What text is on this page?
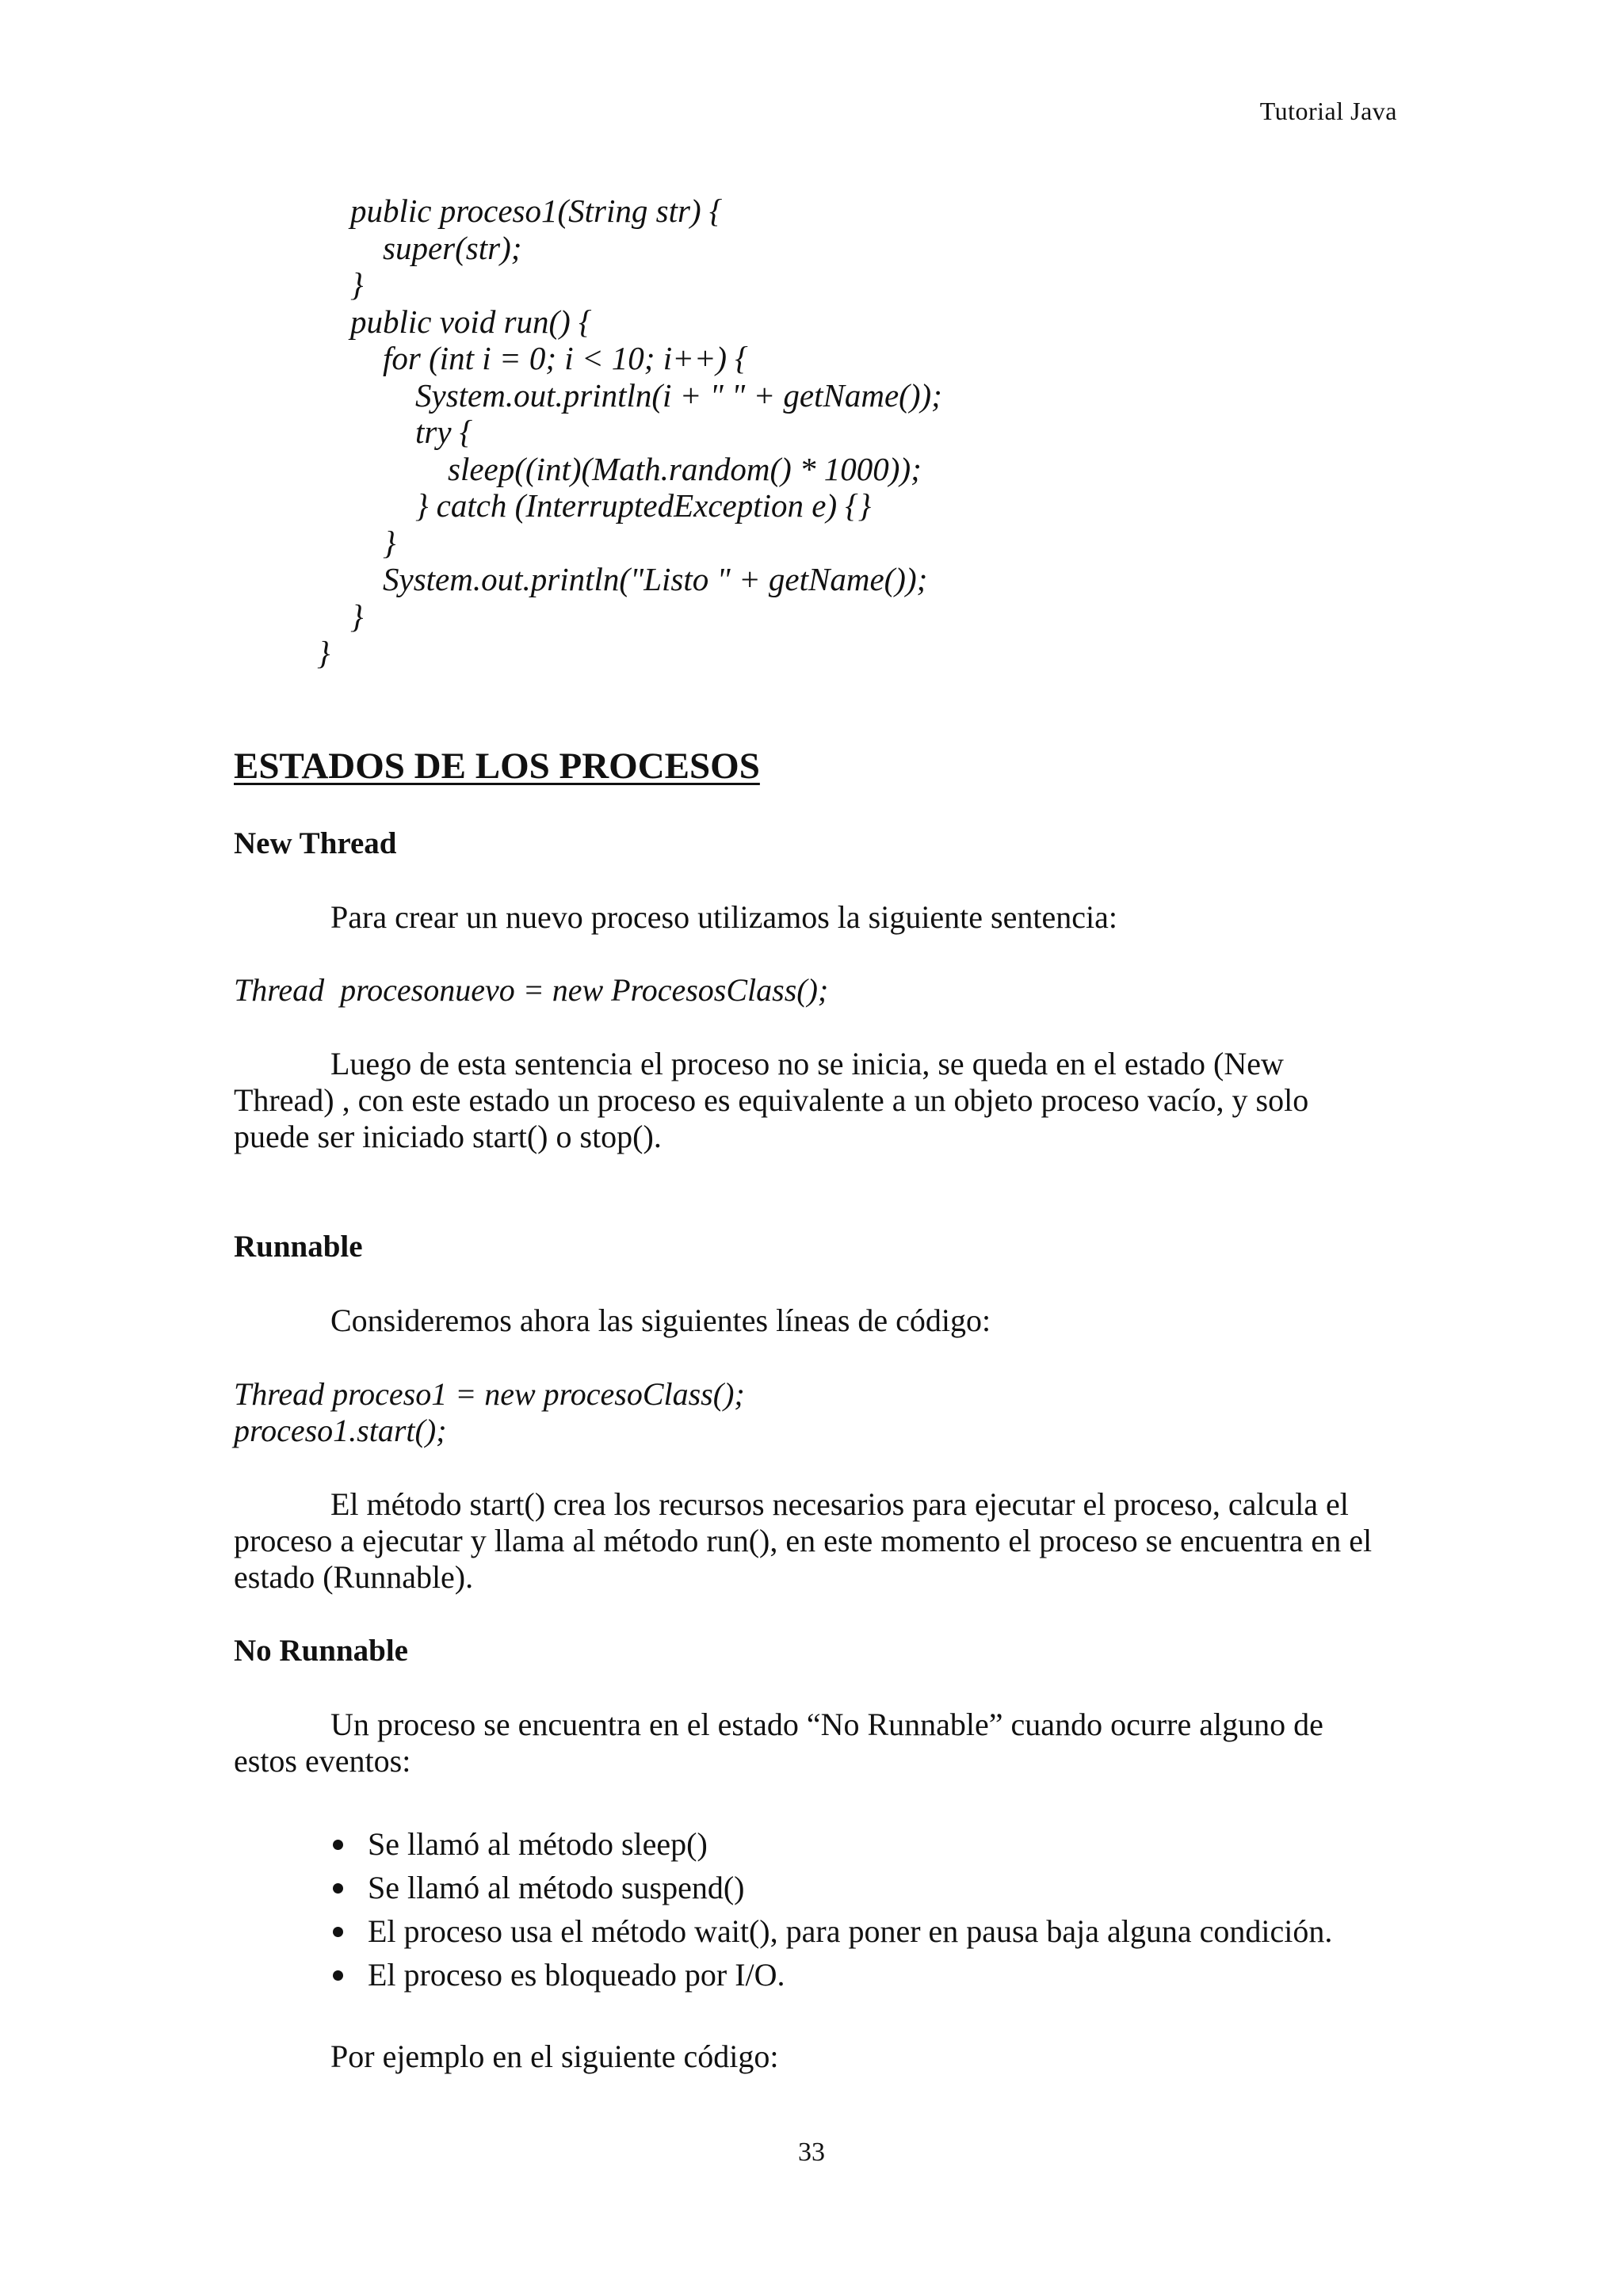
Tutorial Java
public proceso1(String str) {
super(str);
}
public void run() {
for (int i = 0; i < 10; i++) {
System.out.println(i + " " + getName());
try {
sleep((int)(Math.random() * 1000));
} catch (InterruptedException e) {}
}
System.out.println("Listo " + getName());
}
}
ESTADOS DE LOS PROCESOS
New Thread
Para crear un nuevo proceso utilizamos la siguiente sentencia:
Thread  procesonuevo = new ProcesosClass();
Luego de esta sentencia el proceso no se inicia, se queda en el estado (New Thread) , con este estado un proceso es equivalente a un objeto proceso vacío, y solo puede ser iniciado start() o stop().
Runnable
Consideremos ahora las siguientes líneas de código:
Thread proceso1 = new procesoClass();
proceso1.start();
El método start() crea los recursos necesarios para ejecutar el proceso, calcula el proceso a ejecutar y llama al método run(), en este momento el proceso se encuentra en el estado (Runnable).
No Runnable
Un proceso se encuentra en el estado “No Runnable” cuando ocurre alguno de estos eventos:
Se llamó al método sleep()
Se llamó al método suspend()
El proceso usa el método wait(), para poner en pausa baja alguna condición.
El proceso es bloqueado por I/O.
Por ejemplo en el siguiente código:
33
